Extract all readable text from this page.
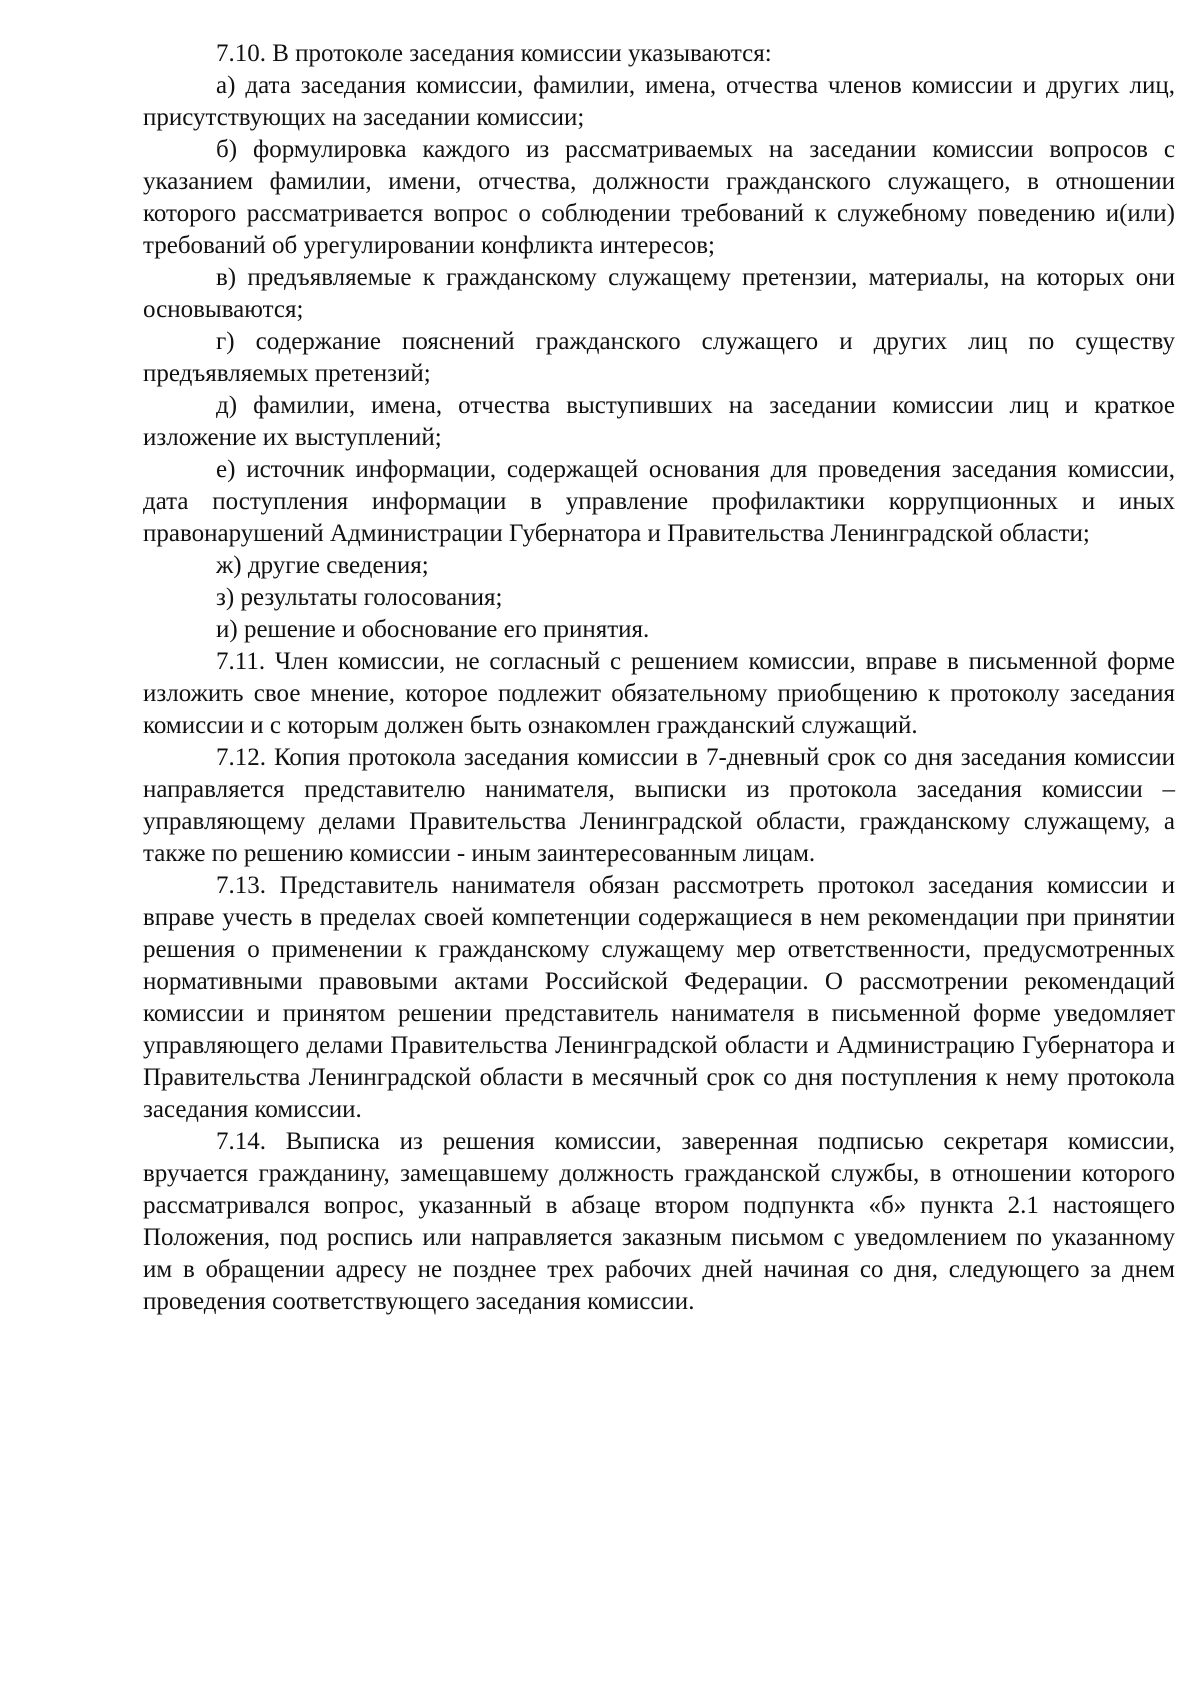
7.10. В протоколе заседания комиссии указываются:

а) дата заседания комиссии, фамилии, имена, отчества членов комиссии и других лиц, присутствующих на заседании комиссии;

б) формулировка каждого из рассматриваемых на заседании комиссии вопросов с указанием фамилии, имени, отчества, должности гражданского служащего, в отношении которого рассматривается вопрос о соблюдении требований к служебному поведению и(или) требований об урегулировании конфликта интересов;

в) предъявляемые к гражданскому служащему претензии, материалы, на которых они основываются;

г) содержание пояснений гражданского служащего и других лиц по существу предъявляемых претензий;

д) фамилии, имена, отчества выступивших на заседании комиссии лиц и краткое изложение их выступлений;

е) источник информации, содержащей основания для проведения заседания комиссии, дата поступления информации в управление профилактики коррупционных и иных правонарушений Администрации Губернатора и Правительства Ленинградской области;

ж) другие сведения;

з) результаты голосования;

и) решение и обоснование его принятия.

7.11. Член комиссии, не согласный с решением комиссии, вправе в письменной форме изложить свое мнение, которое подлежит обязательному приобщению к протоколу заседания комиссии и с которым должен быть ознакомлен гражданский служащий.

7.12. Копия протокола заседания комиссии в 7-дневный срок со дня заседания комиссии направляется представителю нанимателя, выписки из протокола заседания комиссии – управляющему делами Правительства Ленинградской области, гражданскому служащему, а также по решению комиссии - иным заинтересованным лицам.

7.13. Представитель нанимателя обязан рассмотреть протокол заседания комиссии и вправе учесть в пределах своей компетенции содержащиеся в нем рекомендации при принятии решения о применении к гражданскому служащему мер ответственности, предусмотренных нормативными правовыми актами Российской Федерации. О рассмотрении рекомендаций комиссии и принятом решении представитель нанимателя в письменной форме уведомляет управляющего делами Правительства Ленинградской области и Администрацию Губернатора и Правительства Ленинградской области в месячный срок со дня поступления к нему протокола заседания комиссии.

7.14. Выписка из решения комиссии, заверенная подписью секретаря комиссии, вручается гражданину, замещавшему должность гражданской службы, в отношении которого рассматривался вопрос, указанный в абзаце втором подпункта «б» пункта 2.1 настоящего Положения, под роспись или направляется заказным письмом с уведомлением по указанному им в обращении адресу не позднее трех рабочих дней начиная со дня, следующего за днем проведения соответствующего заседания комиссии.
